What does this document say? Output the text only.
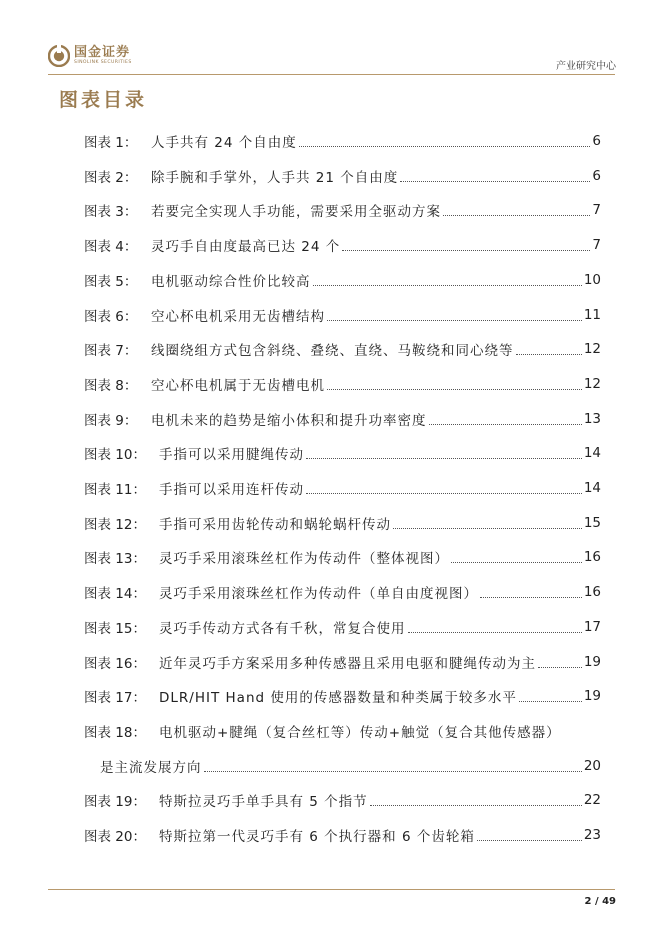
国金证券
SINOLINK SECURITIES	产业研究中心
图表目录
图表 1：	人手共有 24 个自由度	6
图表 2：	除手腕和手掌外，人手共 21 个自由度	6
图表 3：	若要完全实现人手功能，需要采用全驱动方案	7
图表 4：	灵巧手自由度最高已达 24 个	7
图表 5：	电机驱动综合性价比较高	10
图表 6：	空心杯电机采用无齿槽结构	11
图表 7：	线圈绕组方式包含斜绕、叠绕、直绕、马鞍绕和同心绕等	12
图表 8：	空心杯电机属于无齿槽电机	12
图表 9：	电机未来的趋势是缩小体积和提升功率密度	13
图表 10： 手指可以采用腱绳传动	14
图表 11： 手指可以采用连杆传动	14
图表 12： 手指可采用齿轮传动和蜗轮蜗杆传动	15
图表 13： 灵巧手采用滚珠丝杠作为传动件（整体视图）	16
图表 14： 灵巧手采用滚珠丝杠作为传动件（单自由度视图）	16
图表 15： 灵巧手传动方式各有千秋，常复合使用	17
图表 16： 近年灵巧手方案采用多种传感器且采用电驱和腱绳传动为主	19
图表 17： DLR/HIT Hand 使用的传感器数量和种类属于较多水平	19
图表 18： 电机驱动+腱绳（复合丝杠等）传动+触觉（复合其他传感器）
是主流发展方向	20
图表 19： 特斯拉灵巧手单手具有 5 个指节	22
图表 20： 特斯拉第一代灵巧手有 6 个执行器和 6 个齿轮箱	23
2 / 49
